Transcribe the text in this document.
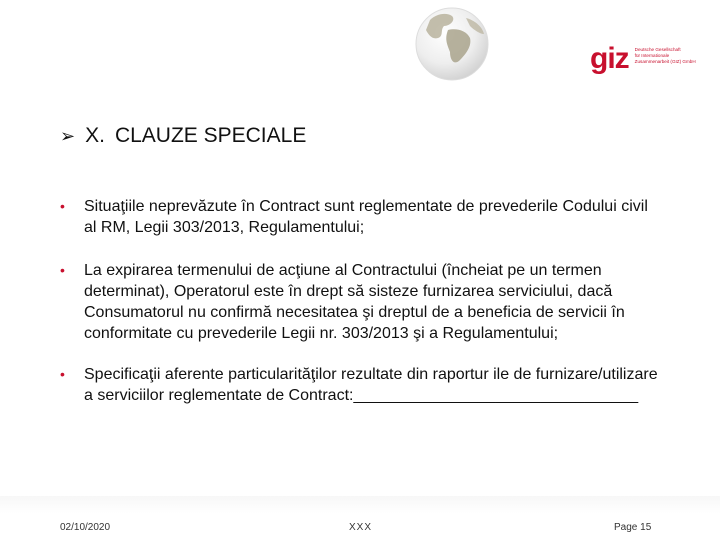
giz Deutsche Gesellschaft
für Internationale
Zusammenarbeit (GIZ) GmbH
➢ X. CLAUZE SPECIALE
•	Situaţiile neprevăzute în Contract sunt reglementate de prevederile Codului civil al RM, Legii 303/2013, Regulamentului;
•	La expirarea termenului de acţiune al Contractului (încheiat pe un termen determinat), Operatorul este în drept să sisteze furnizarea serviciului, dacă Consumatorul nu confirmă necesitatea şi dreptul de a beneficia de servicii în conformitate cu prevederile Legii nr. 303/2013 şi a Regulamentului;
•	Specificaţii aferente particularităţilor rezultate din raportur ile de furnizare/utilizare a serviciilor reglementate de Contract:________________________________
02/10/2020	XXX	Page 15
